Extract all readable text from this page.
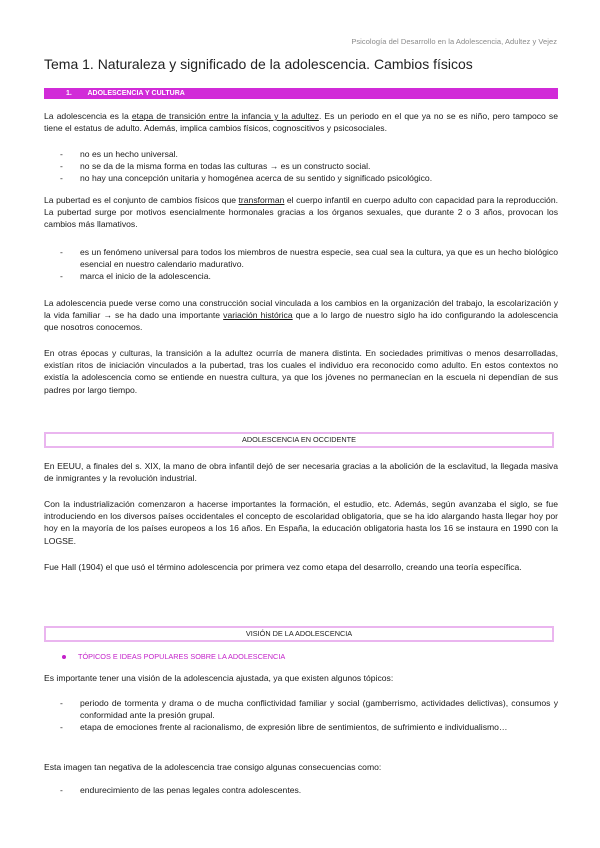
Psicología del Desarrollo en la Adolescencia, Adultez y Vejez
Tema 1. Naturaleza y significado de la adolescencia. Cambios físicos
1. ADOLESCENCIA Y CULTURA

La adolescencia es la etapa de transición entre la infancia y la adultez. Es un periodo en el que ya no se es niño, pero tampoco se tiene el estatus de adulto. Además, implica cambios físicos, cognoscitivos y psicosociales.

- no es un hecho universal.
- no se da de la misma forma en todas las culturas → es un constructo social.
- no hay una concepción unitaria y homogénea acerca de su sentido y significado psicológico.

La pubertad es el conjunto de cambios físicos que transforman el cuerpo infantil en cuerpo adulto con capacidad para la reproducción. La pubertad surge por motivos esencialmente hormonales gracias a los órganos sexuales, que durante 2 o 3 años, provocan los cambios más llamativos.

- es un fenómeno universal para todos los miembros de nuestra especie, sea cual sea la cultura, ya que es un hecho biológico esencial en nuestro calendario madurativo.
- marca el inicio de la adolescencia.

La adolescencia puede verse como una construcción social vinculada a los cambios en la organización del trabajo, la escolarización y la vida familiar → se ha dado una importante variación histórica que a lo largo de nuestro siglo ha ido configurando la adolescencia que nosotros conocemos.

En otras épocas y culturas, la transición a la adultez ocurría de manera distinta. En sociedades primitivas o menos desarrolladas, existían ritos de iniciación vinculados a la pubertad, tras los cuales el individuo era reconocido como adulto. En estos contextos no existía la adolescencia como se entiende en nuestra cultura, ya que los jóvenes no permanecían en la escuela ni dependían de sus padres por largo tiempo.

ADOLESCENCIA EN OCCIDENTE

En EEUU, a finales del s. XIX, la mano de obra infantil dejó de ser necesaria gracias a la abolición de la esclavitud, la llegada masiva de inmigrantes y la revolución industrial.

Con la industrialización comenzaron a hacerse importantes la formación, el estudio, etc. Además, según avanzaba el siglo, se fue introduciendo en los diversos países occidentales el concepto de escolaridad obligatoria, que se ha ido alargando hasta llegar hoy por hoy en la mayoría de los países europeos a los 16 años. En España, la educación obligatoria hasta los 16 se instaura en 1990 con la LOGSE.

Fue Hall (1904) el que usó el término adolescencia por primera vez como etapa del desarrollo, creando una teoría específica.

VISIÓN DE LA ADOLESCENCIA
TÓPICOS E IDEAS POPULARES SOBRE LA ADOLESCENCIA

Es importante tener una visión de la adolescencia ajustada, ya que existen algunos tópicos:

- periodo de tormenta y drama o de mucha conflictividad familiar y social (gamberrismo, actividades delictivas), consumos y conformidad ante la presión grupal.
- etapa de emociones frente al racionalismo, de expresión libre de sentimientos, de sufrimiento e individualismo…

Esta imagen tan negativa de la adolescencia trae consigo algunas consecuencias como:

- endurecimiento de las penas legales contra adolescentes.
